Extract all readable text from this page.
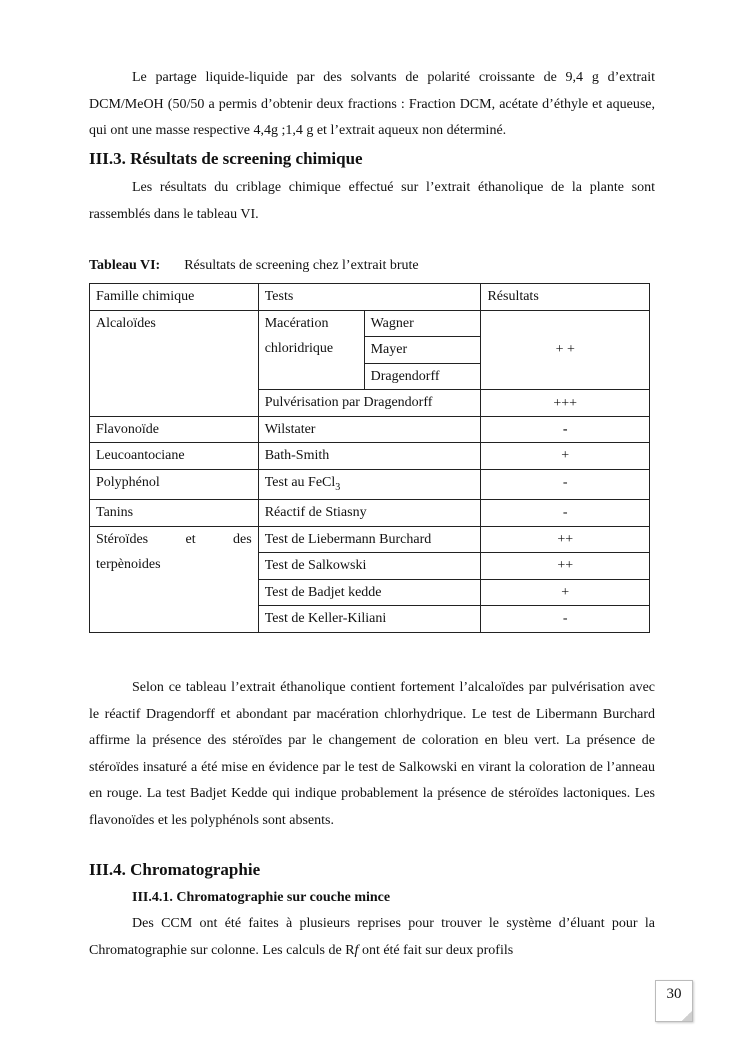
Le partage liquide-liquide par des solvants de polarité croissante de 9,4 g d’extrait DCM/MeOH (50/50 a permis d’obtenir deux fractions : Fraction DCM, acétate d’éthyle et aqueuse, qui ont une masse respective 4,4g ;1,4 g et l’extrait aqueux non déterminé.

III.3. Résultats de screening chimique

Les résultats du criblage chimique effectué sur l’extrait éthanolique de la plante sont rassemblés dans le tableau VI.

Tableau VI: Résultats de screening chez l’extrait brute
Famille chimique	Tests		Résultats
Alcaloïdes	Macération chloridrique	Wagner	+ +
		Mayer	
		Dragendorff	
	Pulvérisation par Dragendorff		+++

Flavonoïde	Wilstater		-
Leucoantociane	Bath-Smith		+
Polyphénol	Test au FeCl$_3$		-
Tanins	Réactif de Stiasny		-

Stéroïdes et des
terpènoides	Test de Liebermann Burchard		++
	Test de Salkowski		++
	Test de Badjet kedde		+
	Test de Keller-Kiliani		-

Selon ce tableau l’extrait éthanolique contient fortement l’alcaloïdes par pulvérisation avec le réactif Dragendorff et abondant par macération chlorhydrique. Le test de Libermann Burchard affirme la présence des stéroïdes par le changement de coloration en bleu vert. La présence de stéroïdes insaturé a été mise en évidence par le test de Salkowski en virant la coloration de l’anneau en rouge. La test Badjet Kedde qui indique probablement la présence de stéroïdes lactoniques. Les flavonoïdes et les polyphénols sont absents.

III.4. Chromatographie
III.4.1. Chromatographie sur couche mince

Des CCM ont été faites à plusieurs reprises pour trouver le système d’éluant pour la Chromatographie sur colonne. Les calculs de Rf ont été fait sur deux profils

30
